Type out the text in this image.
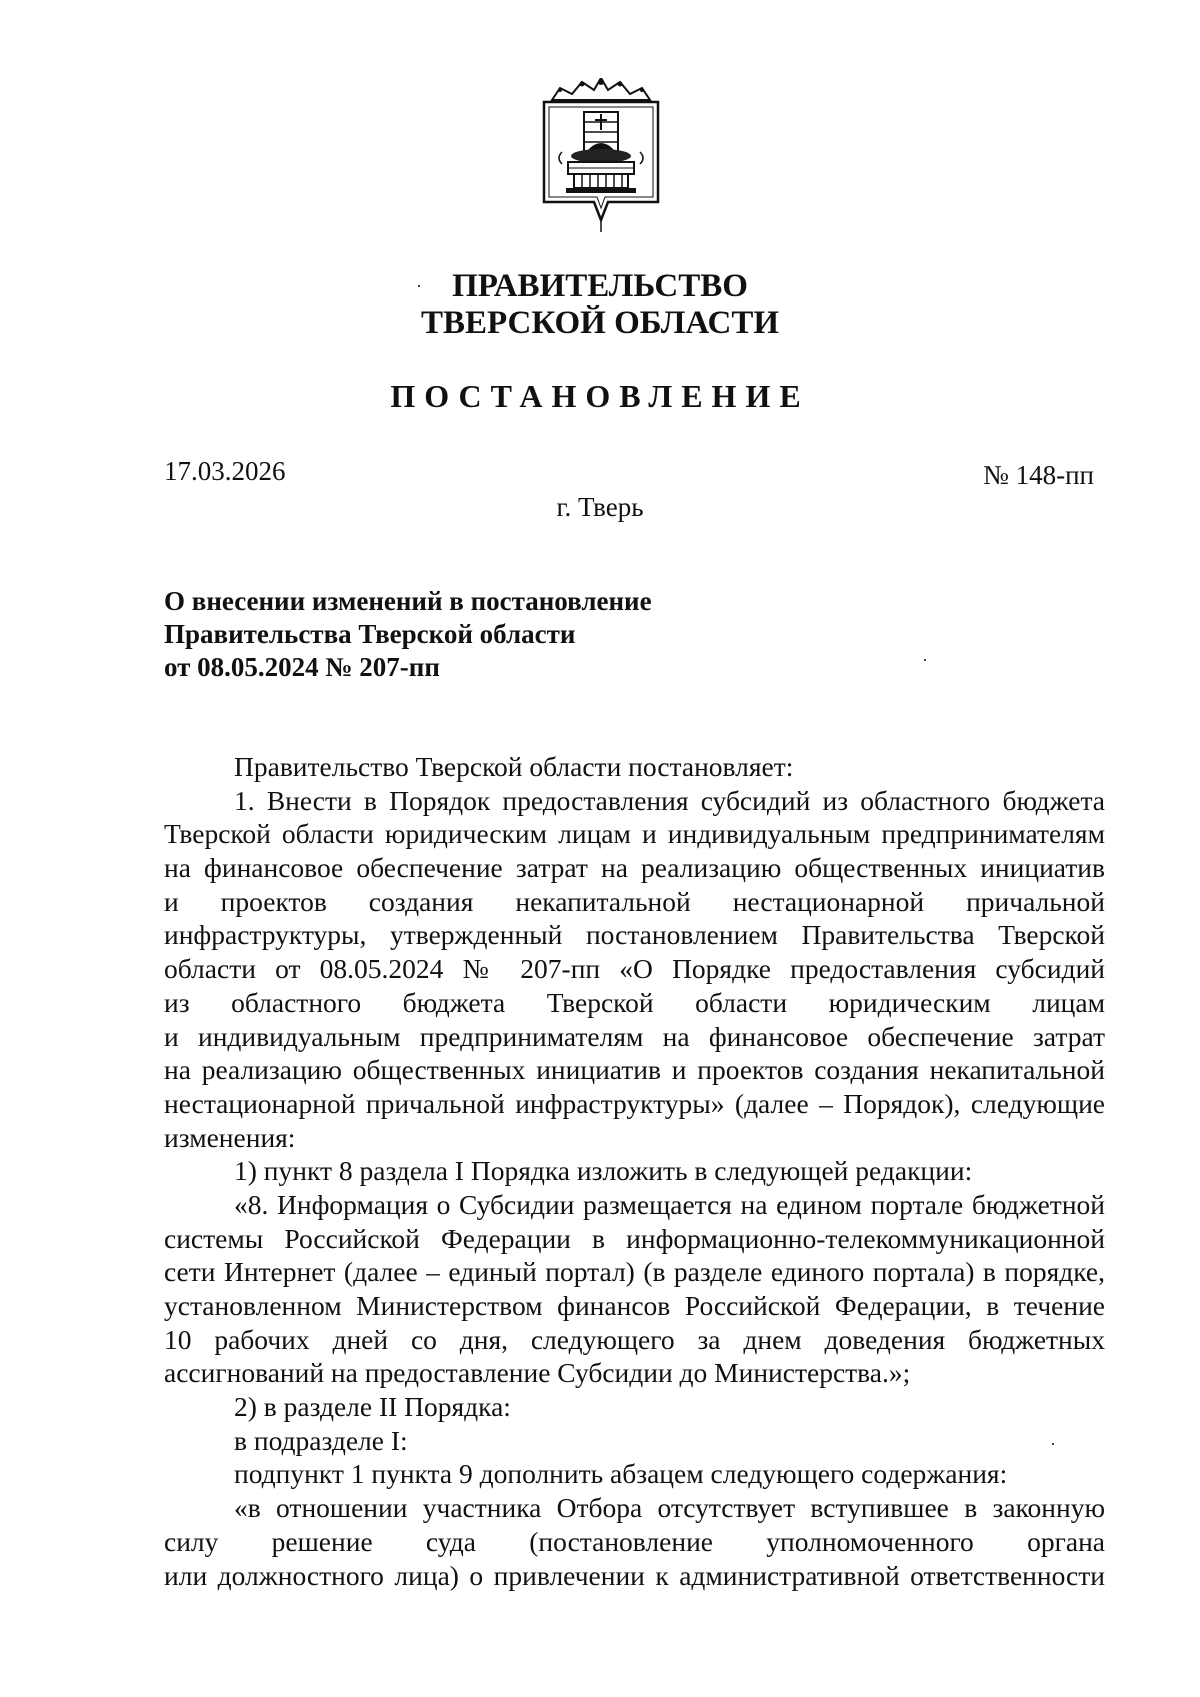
ПРАВИТЕЛЬСТВО
ТВЕРСКОЙ ОБЛАСТИ
ПОСТАНОВЛЕНИЕ
17.03.2026	№ 148-пп
г. Тверь
О внесении изменений в постановление
Правительства Тверской области
от 08.05.2024 № 207-пп
·
·
·
Правительство Тверской области постановляет:
1. Внести в Порядок предоставления субсидий из областного бюджета
Тверской области юридическим лицам и индивидуальным предпринимателям
на финансовое обеспечение затрат на реализацию общественных инициатив
и проектов создания некапитальной нестационарной причальной
инфраструктуры, утвержденный постановлением Правительства Тверской
области от 08.05.2024 № 207-пп «О Порядке предоставления субсидий
из областного бюджета Тверской области юридическим лицам
и индивидуальным предпринимателям на финансовое обеспечение затрат
на реализацию общественных инициатив и проектов создания некапитальной
нестационарной причальной инфраструктуры» (далее – Порядок), следующие
изменения:
1) пункт 8 раздела I Порядка изложить в следующей редакции:
«8. Информация о Субсидии размещается на едином портале бюджетной
системы Российской Федерации в информационно-телекоммуникационной
сети Интернет (далее – единый портал) (в разделе единого портала) в порядке,
установленном Министерством финансов Российской Федерации, в течение
10 рабочих дней со дня, следующего за днем доведения бюджетных
ассигнований на предоставление Субсидии до Министерства.»;
2) в разделе II Порядка:
в подразделе I:
подпункт 1 пункта 9 дополнить абзацем следующего содержания:
«в отношении участника Отбора отсутствует вступившее в законную
силу решение суда (постановление уполномоченного органа
или должностного лица) о привлечении к административной ответственности
